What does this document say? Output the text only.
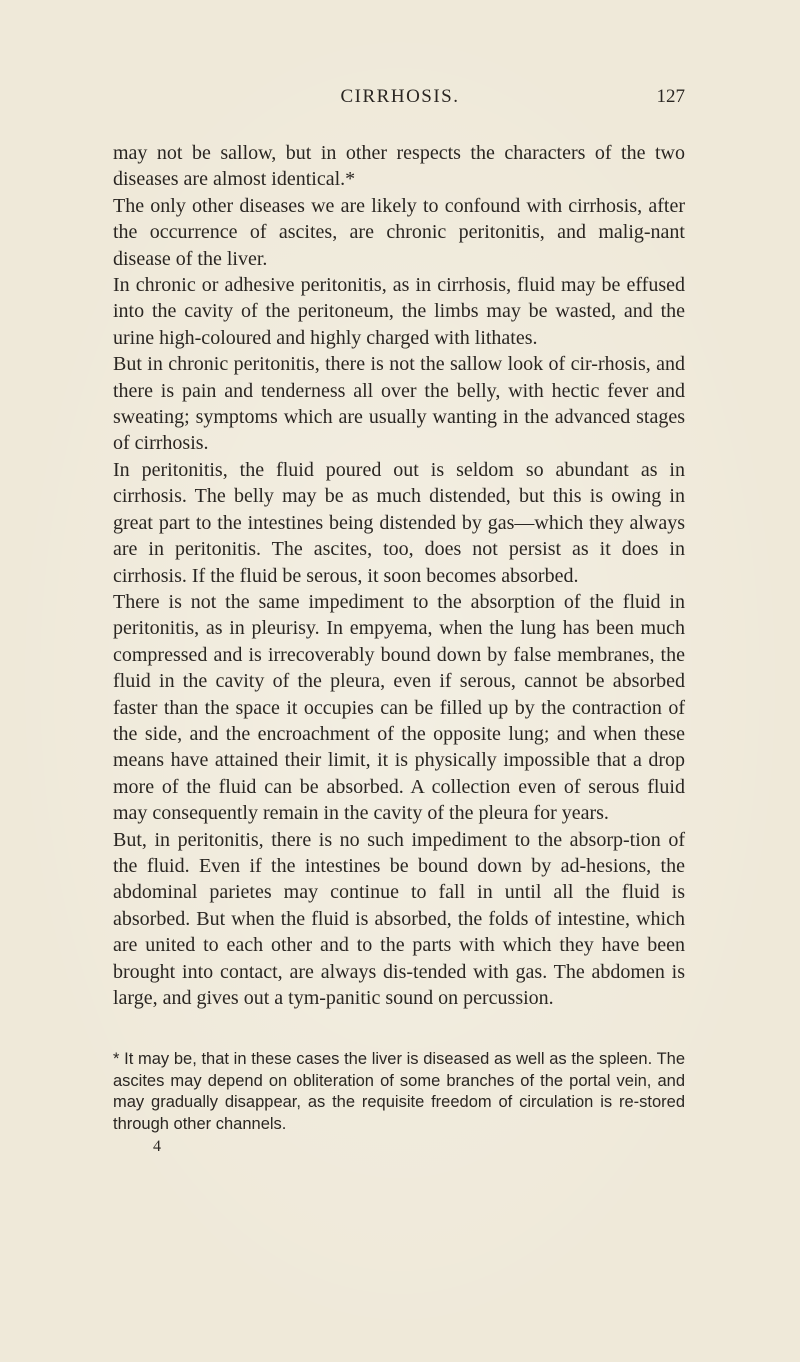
CIRRHOSIS.	127

may not be sallow, but in other respects the characters of the two diseases are almost identical.*

The only other diseases we are likely to confound with cirrhosis, after the occurrence of ascites, are chronic peritonitis, and malig-nant disease of the liver.

In chronic or adhesive peritonitis, as in cirrhosis, fluid may be effused into the cavity of the peritoneum, the limbs may be wasted, and the urine high-coloured and highly charged with lithates.

But in chronic peritonitis, there is not the sallow look of cir-rhosis, and there is pain and tenderness all over the belly, with hectic fever and sweating; symptoms which are usually wanting in the advanced stages of cirrhosis.

In peritonitis, the fluid poured out is seldom so abundant as in cirrhosis. The belly may be as much distended, but this is owing in great part to the intestines being distended by gas—which they always are in peritonitis. The ascites, too, does not persist as it does in cirrhosis. If the fluid be serous, it soon becomes absorbed.

There is not the same impediment to the absorption of the fluid in peritonitis, as in pleurisy. In empyema, when the lung has been much compressed and is irrecoverably bound down by false membranes, the fluid in the cavity of the pleura, even if serous, cannot be absorbed faster than the space it occupies can be filled up by the contraction of the side, and the encroachment of the opposite lung; and when these means have attained their limit, it is physically impossible that a drop more of the fluid can be absorbed. A collection even of serous fluid may consequently remain in the cavity of the pleura for years.

But, in peritonitis, there is no such impediment to the absorp-tion of the fluid. Even if the intestines be bound down by ad-hesions, the abdominal parietes may continue to fall in until all the fluid is absorbed. But when the fluid is absorbed, the folds of intestine, which are united to each other and to the parts with which they have been brought into contact, are always dis-tended with gas. The abdomen is large, and gives out a tym-panitic sound on percussion.

* It may be, that in these cases the liver is diseased as well as the spleen. The ascites may depend on obliteration of some branches of the portal vein, and may gradually disappear, as the requisite freedom of circulation is re-stored through other channels.

4
